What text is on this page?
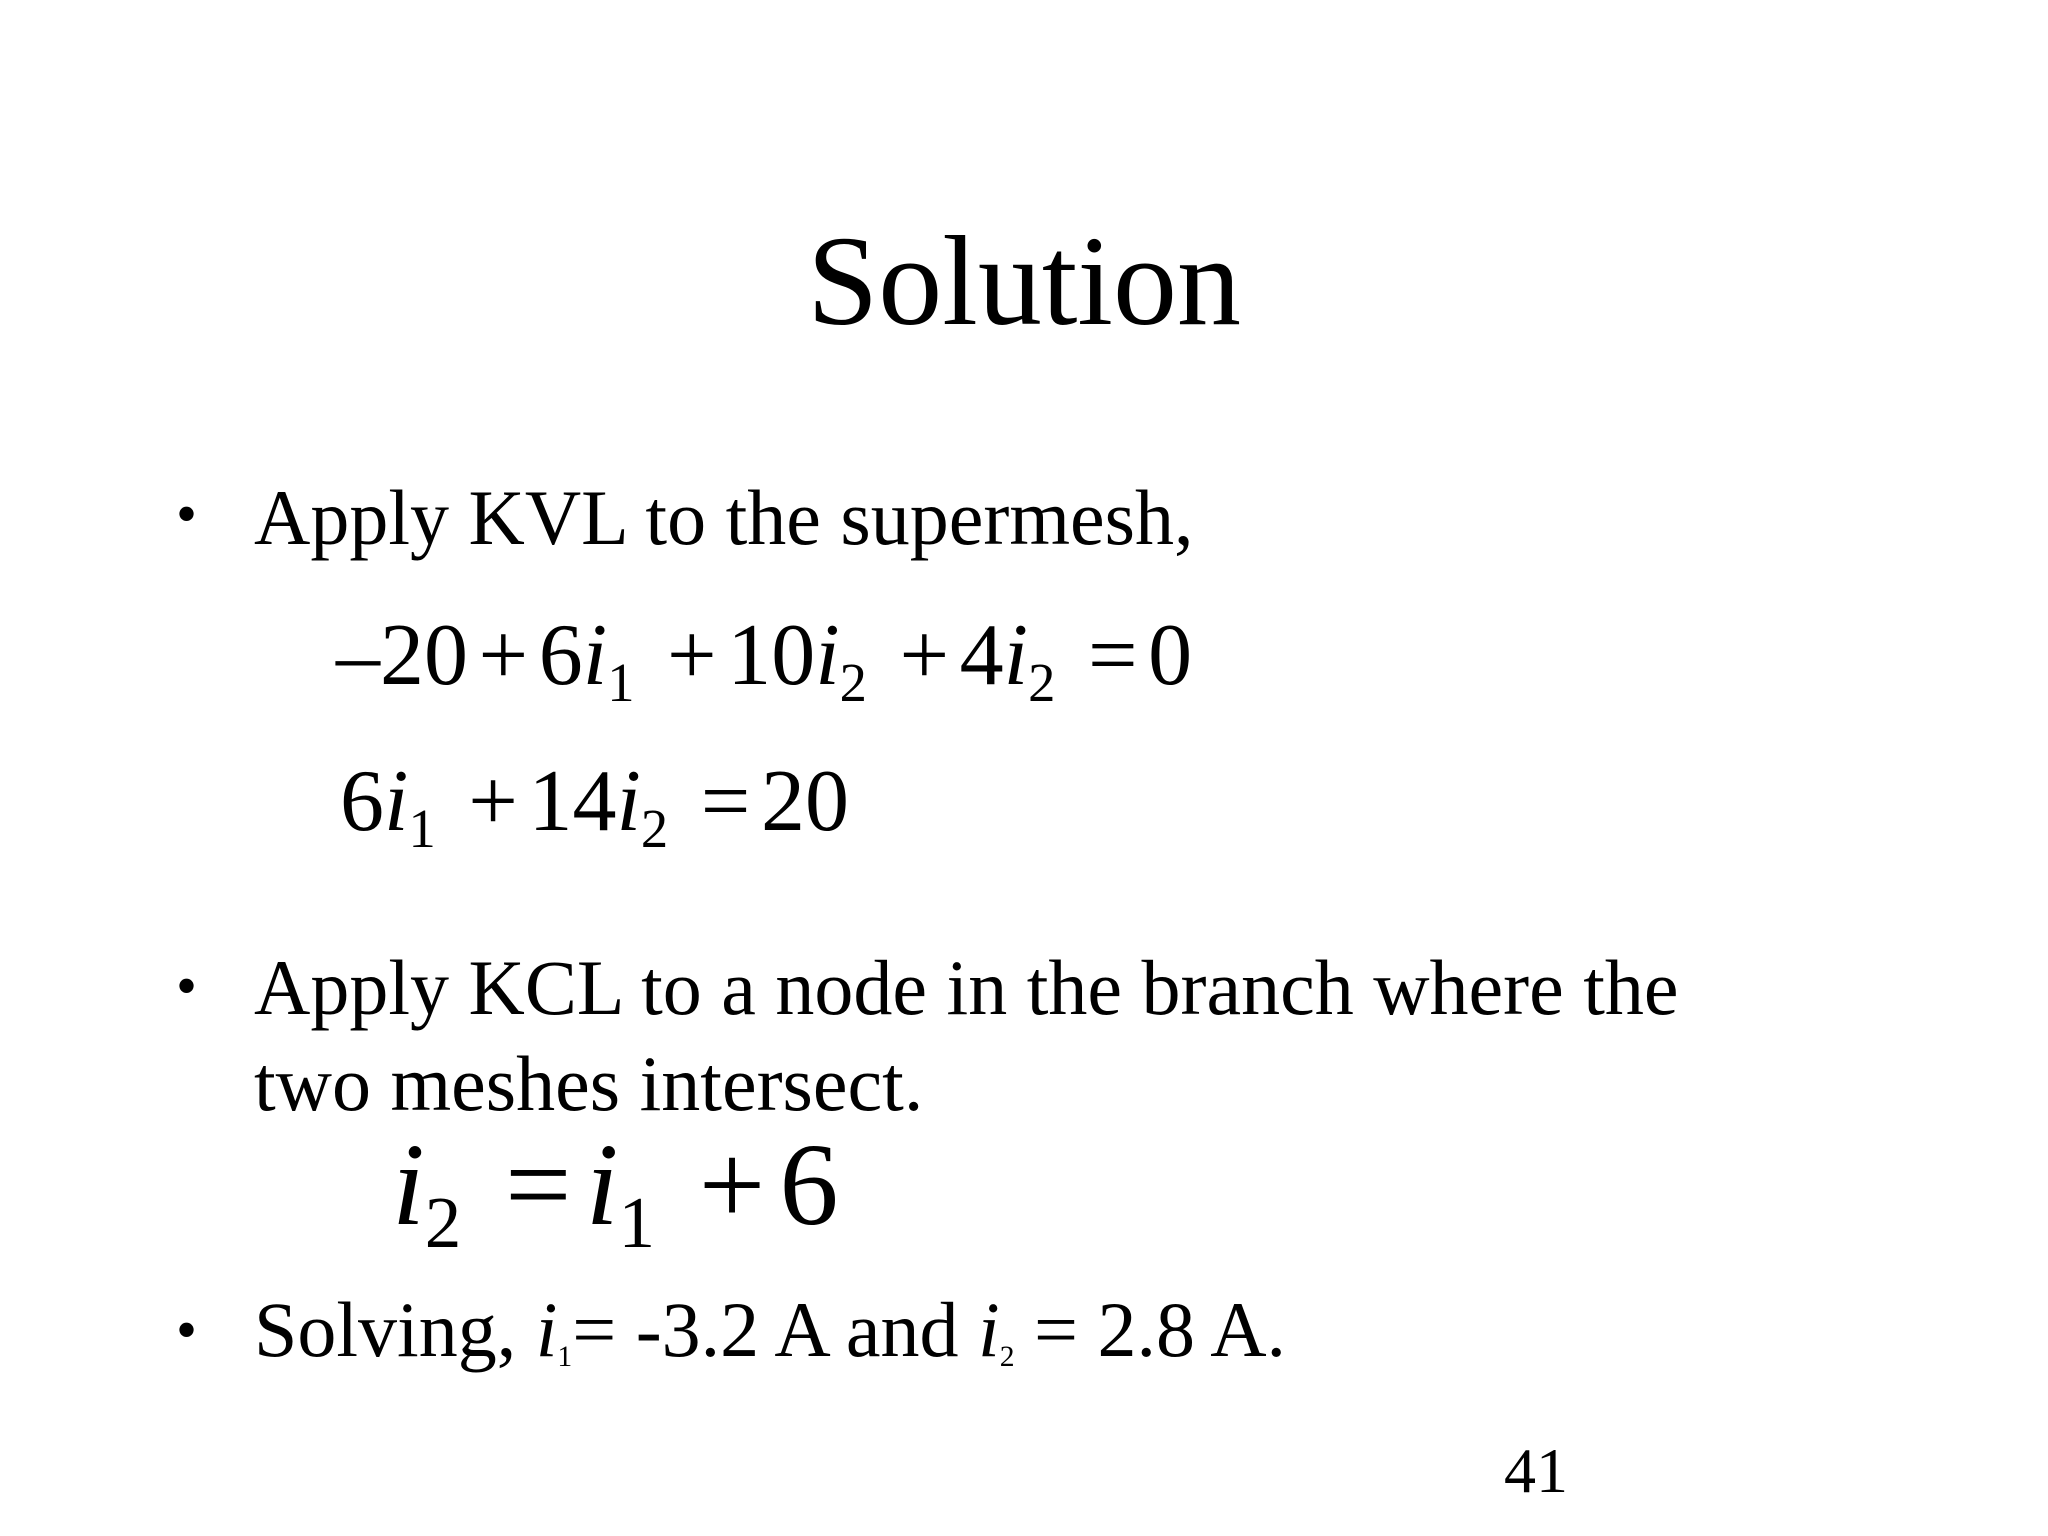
Solution
• Apply KVL to the supermesh,
–20 + 6i1 + 10i2 + 4i2 = 0
6i1 + 14i2 = 20
• Apply KCL to a node in the branch where the
two meshes intersect.
i2 = i1 + 6
• Solving, i1= -3.2 A and i2 = 2.8 A.
41
